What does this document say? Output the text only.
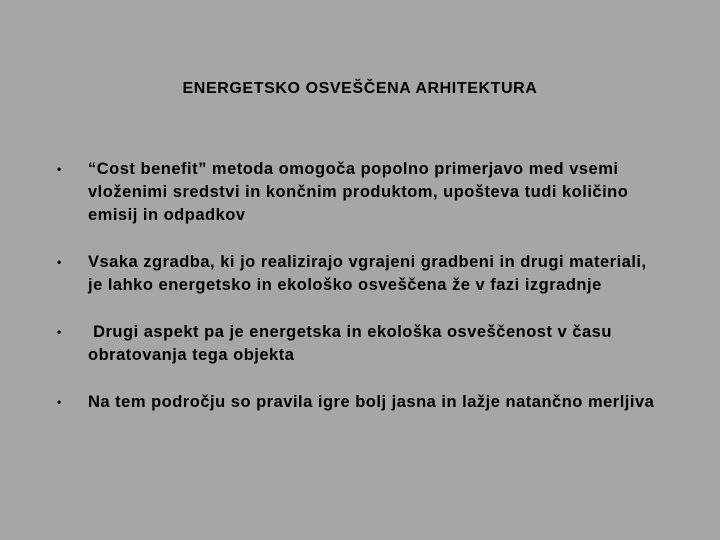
ENERGETSKO OSVEŠČENA ARHITEKTURA
• “Cost benefit” metoda omogoča popolno primerjavo med vsemi vloženimi sredstvi in končnim produktom, upošteva tudi količino emisij in odpadkov
• Vsaka zgradba, ki jo realizirajo vgrajeni gradbeni in drugi materiali, je lahko energetsko in ekološko osveščena že v fazi izgradnje
• Drugi aspekt pa je energetska in ekološka osveščenost v času obratovanja tega objekta
• Na tem področju so pravila igre bolj jasna in lažje natančno merljiva
